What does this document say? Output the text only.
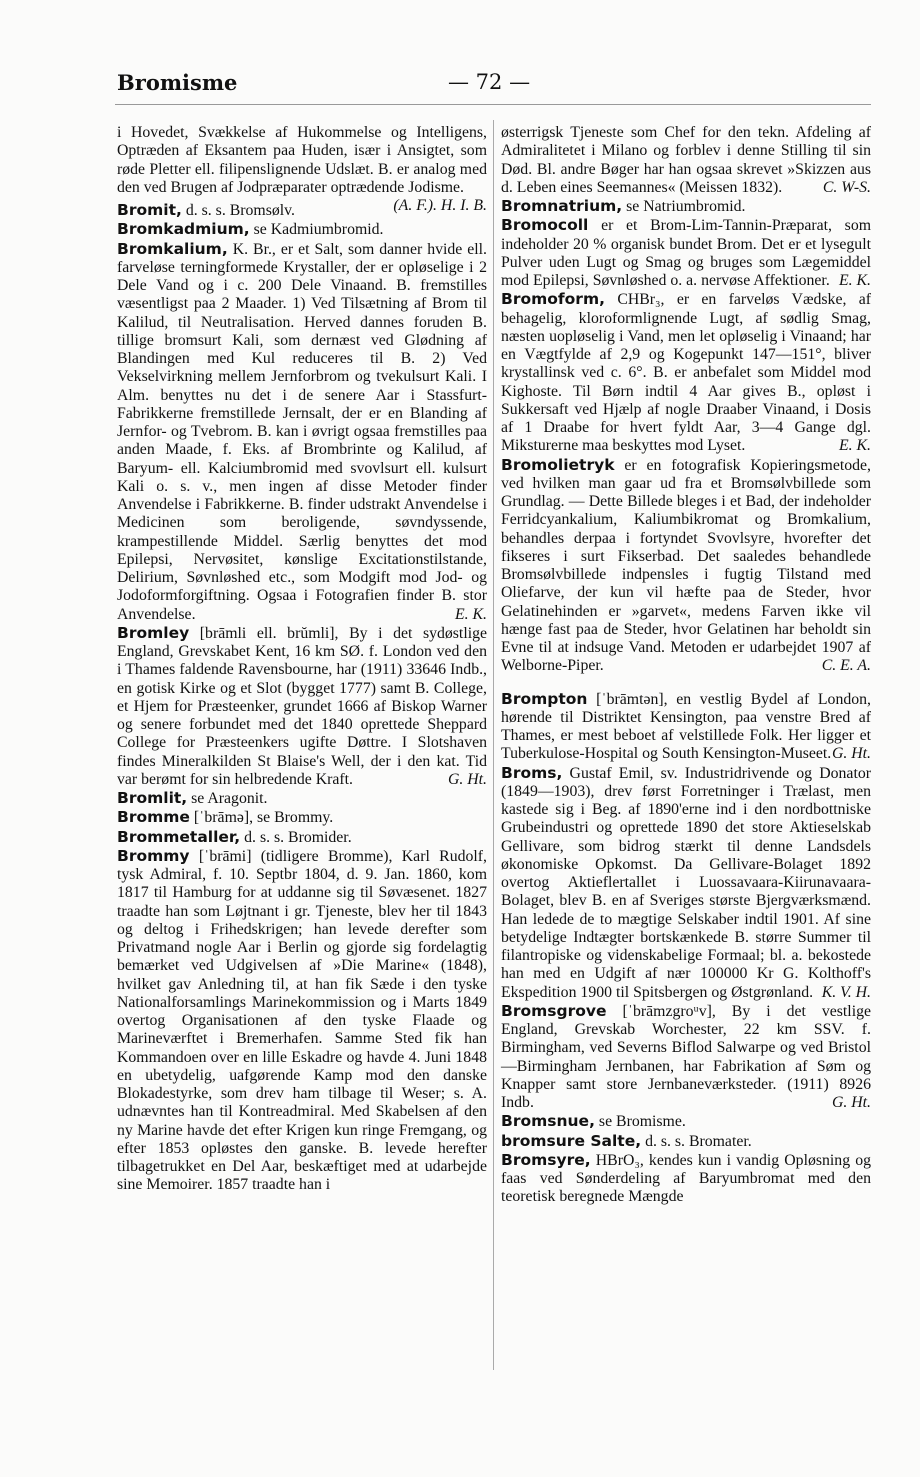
Bromisme	— 72 —

i Hovedet, Svækkelse af Hukommelse og Intelligens, Optræden af Eksantem paa Huden, især i Ansigtet, som røde Pletter ell. filipenslignende Udslæt. B. er analog med den ved Brugen af Jodpræparater optrædende Jodisme.
(A. F.). H. I. B.

Bromit, d. s. s. Bromsølv.

Bromkadmium, se Kadmiumbromid.

Bromkalium, K. Br., er et Salt, som danner hvide ell. farveløse terningformede Krystaller, der er opløselige i 2 Dele Vand og i c. 200 Dele Vinaand. B. fremstilles væsentligst paa 2 Maader. 1) Ved Tilsætning af Brom til Kalilud, til Neutralisation. Herved dannes foruden B. tillige bromsurt Kali, som dernæst ved Glødning af Blandingen med Kul reduceres til B. 2) Ved Vekselvirkning mellem Jernforbrom og tvekulsurt Kali. I Alm. benyttes nu det i de senere Aar i Stassfurt-Fabrikkerne fremstillede Jernsalt, der er en Blanding af Jernfor- og Tvebrom. B. kan i øvrigt ogsaa fremstilles paa anden Maade, f. Eks. af Brombrinte og Kalilud, af Baryum- ell. Kalciumbromid med svovlsurt ell. kulsurt Kali o. s. v., men ingen af disse Metoder finder Anvendelse i Fabrikkerne. B. finder udstrakt Anvendelse i Medicinen som beroligende, søvndyssende, krampestillende Middel. Særlig benyttes det mod Epilepsi, Nervøsitet, kønslige Excitationstilstande, Delirium, Søvnløshed etc., som Modgift mod Jod- og Jodoformforgiftning. Ogsaa i Fotografien finder B. stor Anvendelse.	E. K.

Bromley [brāmli ell. brŭmli], By i det sydøstlige England, Grevskabet Kent, 16 km SØ. f. London ved den i Thames faldende Ravensbourne, har (1911) 33646 Indb., en gotisk Kirke og et Slot (bygget 1777) samt B. College, et Hjem for Præsteenker, grundet 1666 af Biskop Warner og senere forbundet med det 1840 oprettede Sheppard College for Præsteenkers ugifte Døttre. I Slotshaven findes Mineralkilden St Blaise's Well, der i den kat. Tid var berømt for sin helbredende Kraft.	G. Ht.

Bromlit, se Aragonit.

Bromme [ˈbrāmə], se Brommy.

Brommetaller, d. s. s. Bromider.

Brommy [ˈbrāmi] (tidligere Bromme), Karl Rudolf, tysk Admiral, f. 10. Septbr 1804, d. 9. Jan. 1860, kom 1817 til Hamburg for at uddanne sig til Søvæsenet. 1827 traadte han som Løjtnant i gr. Tjeneste, blev her til 1843 og deltog i Frihedskrigen; han levede derefter som Privatmand nogle Aar i Berlin og gjorde sig fordelagtig bemærket ved Udgivelsen af »Die Marine« (1848), hvilket gav Anledning til, at han fik Sæde i den tyske Nationalforsamlings Marinekommission og i Marts 1849 overtog Organisationen af den tyske Flaade og Marineværftet i Bremerhafen. Samme Sted fik han Kommandoen over en lille Eskadre og havde 4. Juni 1848 en ubetydelig, uafgørende Kamp mod den danske Blokadestyrke, som drev ham tilbage til Weser; s. A. udnævntes han til Kontreadmiral. Med Skabelsen af den ny Marine havde det efter Krigen kun ringe Fremgang, og efter 1853 opløstes den ganske. B. levede herefter tilbagetrukket en Del Aar, beskæftiget med at udarbejde sine Memoirer. 1857 traadte han i

østerrigsk Tjeneste som Chef for den tekn. Afdeling af Admiralitetet i Milano og forblev i denne Stilling til sin Død. Bl. andre Bøger har han ogsaa skrevet »Skizzen aus d. Leben eines Seemannes« (Meissen 1832).	C. W-S.

Bromnatrium, se Natriumbromid.

Bromocoll er et Brom-Lim-Tannin-Præparat, som indeholder 20 % organisk bundet Brom. Det er et lysegult Pulver uden Lugt og Smag og bruges som Lægemiddel mod Epilepsi, Søvnløshed o. a. nervøse Affektioner. E. K.

Bromoform, CHBr₃, er en farveløs Vædske, af behagelig, kloroformlignende Lugt, af sødlig Smag, næsten uopløselig i Vand, men let opløselig i Vinaand; har en Vægtfylde af 2,9 og Kogepunkt 147—151°, bliver krystallinsk ved c. 6°. B. er anbefalet som Middel mod Kighoste. Til Børn indtil 4 Aar gives B., opløst i Sukkersaft ved Hjælp af nogle Draaber Vinaand, i Dosis af 1 Draabe for hvert fyldt Aar, 3—4 Gange dgl. Miksturerne maa beskyttes mod Lyset.	E. K.

Bromolietryk er en fotografisk Kopieringsmetode, ved hvilken man gaar ud fra et Bromsølvbillede som Grundlag. — Dette Billede bleges i et Bad, der indeholder Ferridcyankalium, Kaliumbikromat og Bromkalium, behandles derpaa i fortyndet Svovlsyre, hvorefter det fikseres i surt Fikserbad. Det saaledes behandlede Bromsølvbillede indpensles i fugtig Tilstand med Oliefarve, der kun vil hæfte paa de Steder, hvor Gelatinehinden er »garvet«, medens Farven ikke vil hænge fast paa de Steder, hvor Gelatinen har beholdt sin Evne til at indsuge Vand. Metoden er udarbejdet 1907 af Welborne-Piper.	C. E. A.

Brompton [ˈbrāmtən], en vestlig Bydel af London, hørende til Distriktet Kensington, paa venstre Bred af Thames, er mest beboet af velstillede Folk. Her ligger et Tuberkulose-Hospital og South Kensington-Museet. G. Ht.

Broms, Gustaf Emil, sv. Industridrivende og Donator (1849—1903), drev først Forretninger i Trælast, men kastede sig i Beg. af 1890'erne ind i den nordbottniske Grubeindustri og oprettede 1890 det store Aktieselskab Gellivare, som bidrog stærkt til denne Landsdels økonomiske Opkomst. Da Gellivare-Bolaget 1892 overtog Aktieflertallet i Luossavaara-Kiirunavaara-Bolaget, blev B. en af Sveriges største Bjergværksmænd. Han ledede de to mægtige Selskaber indtil 1901. Af sine betydelige Indtægter bortskænkede B. større Summer til filantropiske og videnskabelige Formaal; bl. a. bekostede han med en Udgift af nær 100000 Kr G. Kolthoff's Ekspedition 1900 til Spitsbergen og Østgrønland. K. V. H.

Bromsgrove [ˈbrāmzgroᵘv], By i det vestlige England, Grevskab Worchester, 22 km SSV. f. Birmingham, ved Severns Biflod Salwarpe og ved Bristol—Birmingham Jernbanen, har Fabrikation af Søm og Knapper samt store Jernbaneværksteder. (1911) 8926 Indb.	G. Ht.

Bromsnue, se Bromisme.

bromsure Salte, d. s. s. Bromater.

Bromsyre, HBrO₃, kendes kun i vandig Opløsning og faas ved Sønderdeling af Baryumbromat med den teoretisk beregnede Mængde
